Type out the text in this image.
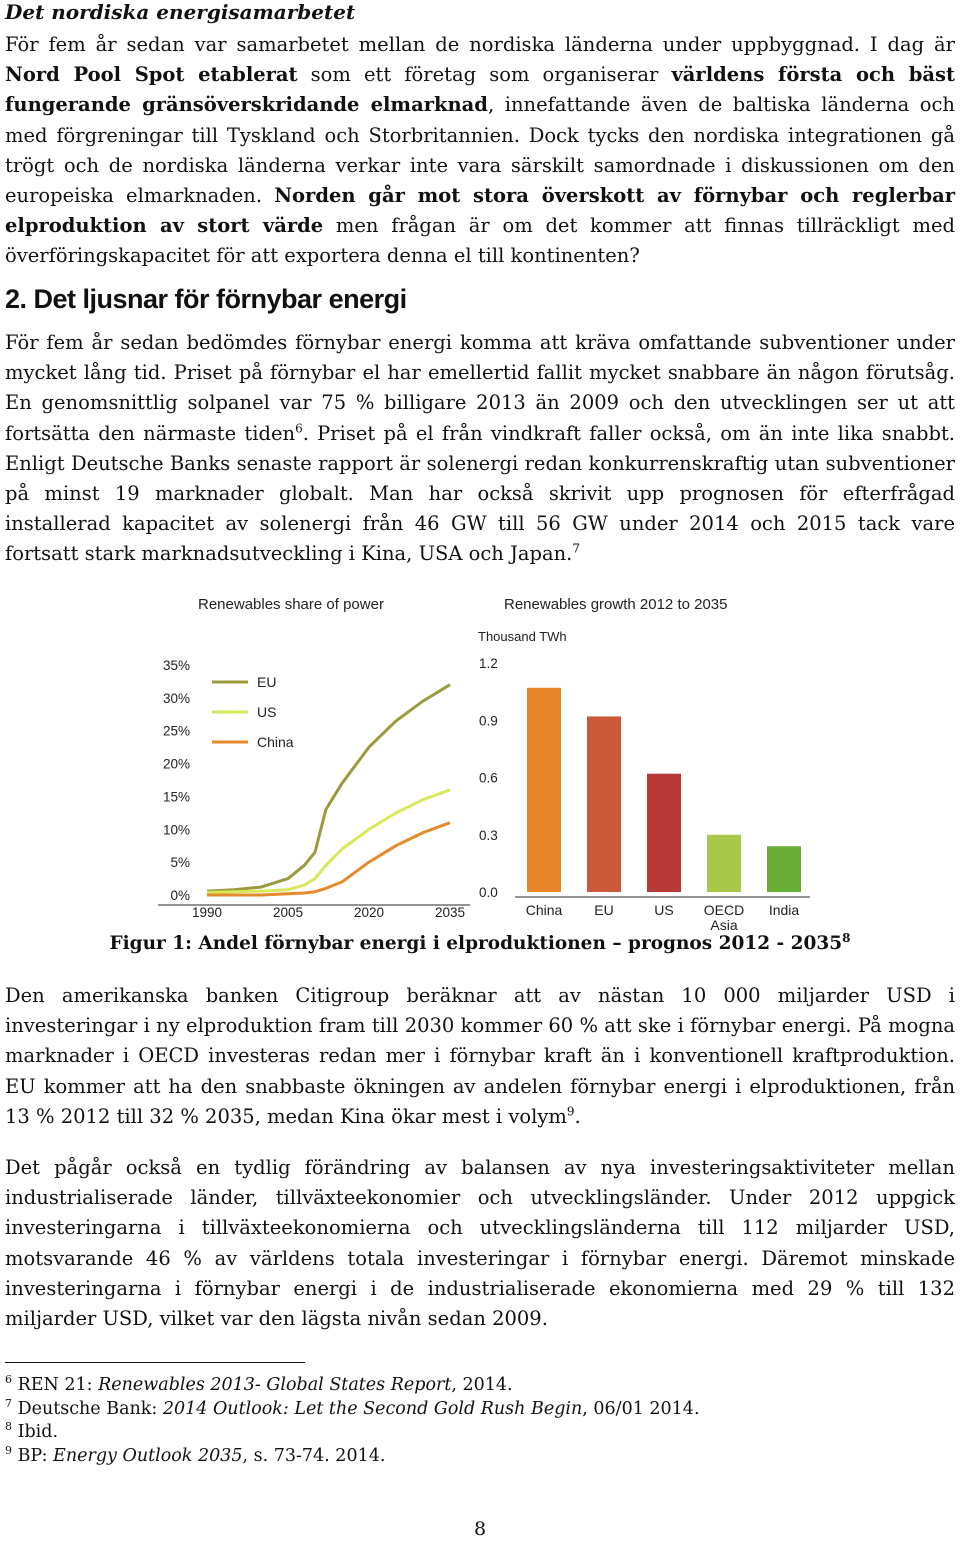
Det nordiska energisamarbetet

För fem år sedan var samarbetet mellan de nordiska länderna under uppbyggnad. I dag är Nord Pool Spot etablerat som ett företag som organiserar världens första och bäst fungerande gränsöverskridande elmarknad, innefattande även de baltiska länderna och med förgreningar till Tyskland och Storbritannien. Dock tycks den nordiska integrationen gå trögt och de nordiska länderna verkar inte vara särskilt samordnade i diskussionen om den europeiska elmarknaden. Norden går mot stora överskott av förnybar och reglerbar elproduktion av stort värde men frågan är om det kommer att finnas tillräckligt med överföringskapacitet för att exportera denna el till kontinenten?

2. Det ljusnar för förnybar energi

För fem år sedan bedömdes förnybar energi komma att kräva omfattande subventioner under mycket lång tid. Priset på förnybar el har emellertid fallit mycket snabbare än någon förutsåg. En genomsnittlig solpanel var 75 % billigare 2013 än 2009 och den utvecklingen ser ut att fortsätta den närmaste tiden$^6$. Priset på el från vindkraft faller också, om än inte lika snabbt. Enligt Deutsche Banks senaste rapport är solenergi redan konkurrenskraftig utan subventioner på minst 19 marknader globalt. Man har också skrivit upp prognosen för efterfrågad installerad kapacitet av solenergi från 46 GW till 56 GW under 2014 och 2015 tack vare fortsatt stark marknadsutveckling i Kina, USA och Japan.$^7$

Renewables share of power
35%
30%
25%
20%
15%
10%
5%
0%
1990	2005	2020	2035
EU
US
China
Renewables growth 2012 to 2035
Thousand TWh
1.2
0.9
0.6
0.3
0.0
China EU	US OECD
Asia
India

Figur 1: Andel förnybar energi i elproduktionen – prognos 2012 - 2035$^8$

Den amerikanska banken Citigroup beräknar att av nästan 10 000 miljarder USD i investeringar i ny elproduktion fram till 2030 kommer 60 % att ske i förnybar energi. På mogna marknader i OECD investeras redan mer i förnybar kraft än i konventionell kraftproduktion. EU kommer att ha den snabbaste ökningen av andelen förnybar energi i elproduktionen, från 13 % 2012 till 32 % 2035, medan Kina ökar mest i volym$^9$.

Det pågår också en tydlig förändring av balansen av nya investeringsaktiviteter mellan industrialiserade länder, tillväxteekonomier och utvecklingsländer. Under 2012 uppgick investeringarna i tillväxteekonomierna och utvecklingsländerna till 112 miljarder USD, motsvarande 46 % av världens totala investeringar i förnybar energi. Däremot minskade investeringarna i förnybar energi i de industrialiserade ekonomierna med 29 % till 132 miljarder USD, vilket var den lägsta nivån sedan 2009.

$^6$ REN 21: Renewables 2013- Global States Report, 2014.
$^7$ Deutsche Bank: 2014 Outlook: Let the Second Gold Rush Begin, 06/01 2014.
$^8$ Ibid.
$^9$ BP: Energy Outlook 2035, s. 73-74. 2014.
8
